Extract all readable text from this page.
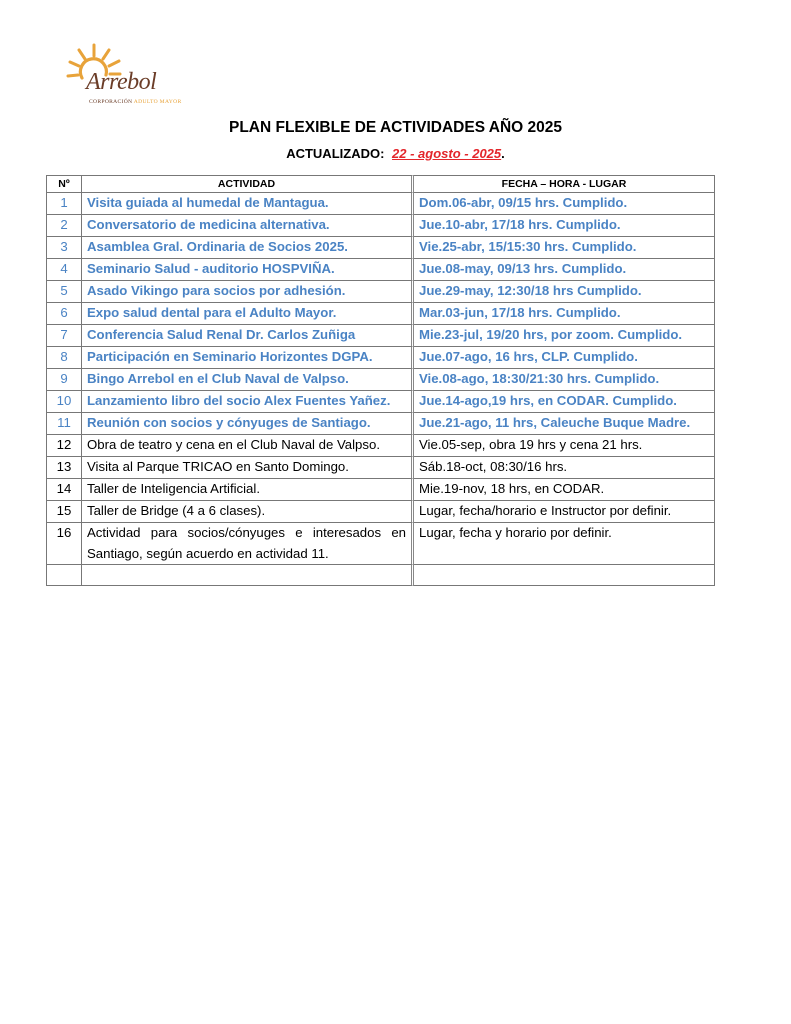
Arrebol
CORPORACIÓN ADULTO MAYOR
PLAN FLEXIBLE DE ACTIVIDADES AÑO 2025
ACTUALIZADO: 22 - agosto - 2025.
Nº	ACTIVIDAD	FECHA – HORA - LUGAR
1	Visita guiada al humedal de Mantagua.	Dom.06-abr, 09/15 hrs. Cumplido.
2	Conversatorio de medicina alternativa.	Jue.10-abr, 17/18 hrs. Cumplido.
3	Asamblea Gral. Ordinaria de Socios 2025.	Vie.25-abr, 15/15:30 hrs. Cumplido.
4	Seminario Salud - auditorio HOSPVIÑA.	Jue.08-may, 09/13 hrs. Cumplido.
5	Asado Vikingo para socios por adhesión.	Jue.29-may, 12:30/18 hrs Cumplido.
6	Expo salud dental para el Adulto Mayor.	Mar.03-jun, 17/18 hrs. Cumplido.
7	Conferencia Salud Renal Dr. Carlos Zuñiga	Mie.23-jul, 19/20 hrs, por zoom. Cumplido.
8	Participación en Seminario Horizontes DGPA.	Jue.07-ago, 16 hrs, CLP. Cumplido.
9	Bingo Arrebol en el Club Naval de Valpso.	Vie.08-ago, 18:30/21:30 hrs. Cumplido.
10	Lanzamiento libro del socio Alex Fuentes Yañez.	Jue.14-ago,19 hrs, en CODAR. Cumplido.
11	Reunión con socios y cónyuges de Santiago.	Jue.21-ago, 11 hrs, Caleuche Buque Madre.
12	Obra de teatro y cena en el Club Naval de Valpso.	Vie.05-sep, obra 19 hrs y cena 21 hrs.
13	Visita al Parque TRICAO en Santo Domingo.	Sáb.18-oct, 08:30/16 hrs.
14	Taller de Inteligencia Artificial.	Mie.19-nov, 18 hrs, en CODAR.
15	Taller de Bridge (4 a 6 clases).	Lugar, fecha/horario e Instructor por definir.
16	Actividad para socios/cónyuges e interesados en Santiago, según acuerdo en actividad 11.	Lugar, fecha y horario por definir.
